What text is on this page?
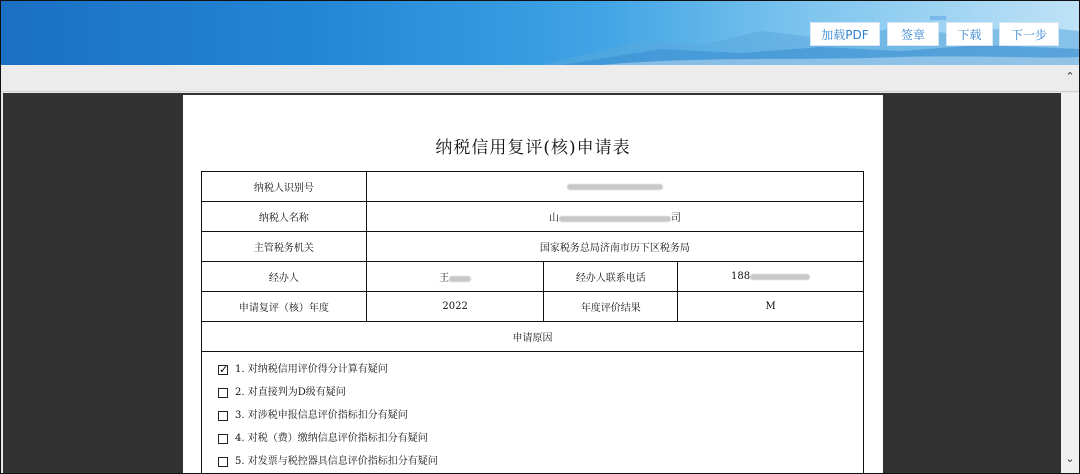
加载PDF	签章	下载	下一步
⌃
纳税信用复评(核)申请表
纳税人识别号			
纳税人名称	山 司		
主管税务机关	国家税务总局济南市历下区税务局		
经办人	王	经办人联系电话	188
申请复评（核）年度	2022	年度评价结果	M
申请原因			

✓
1. 对纳税信用评价得分计算有疑问
2. 对直接判为D级有疑问
3. 对涉税申报信息评价指标扣分有疑问
4. 对税（费）缴纳信息评价指标扣分有疑问
5. 对发票与税控器具信息评价指标扣分有疑问	⌄
